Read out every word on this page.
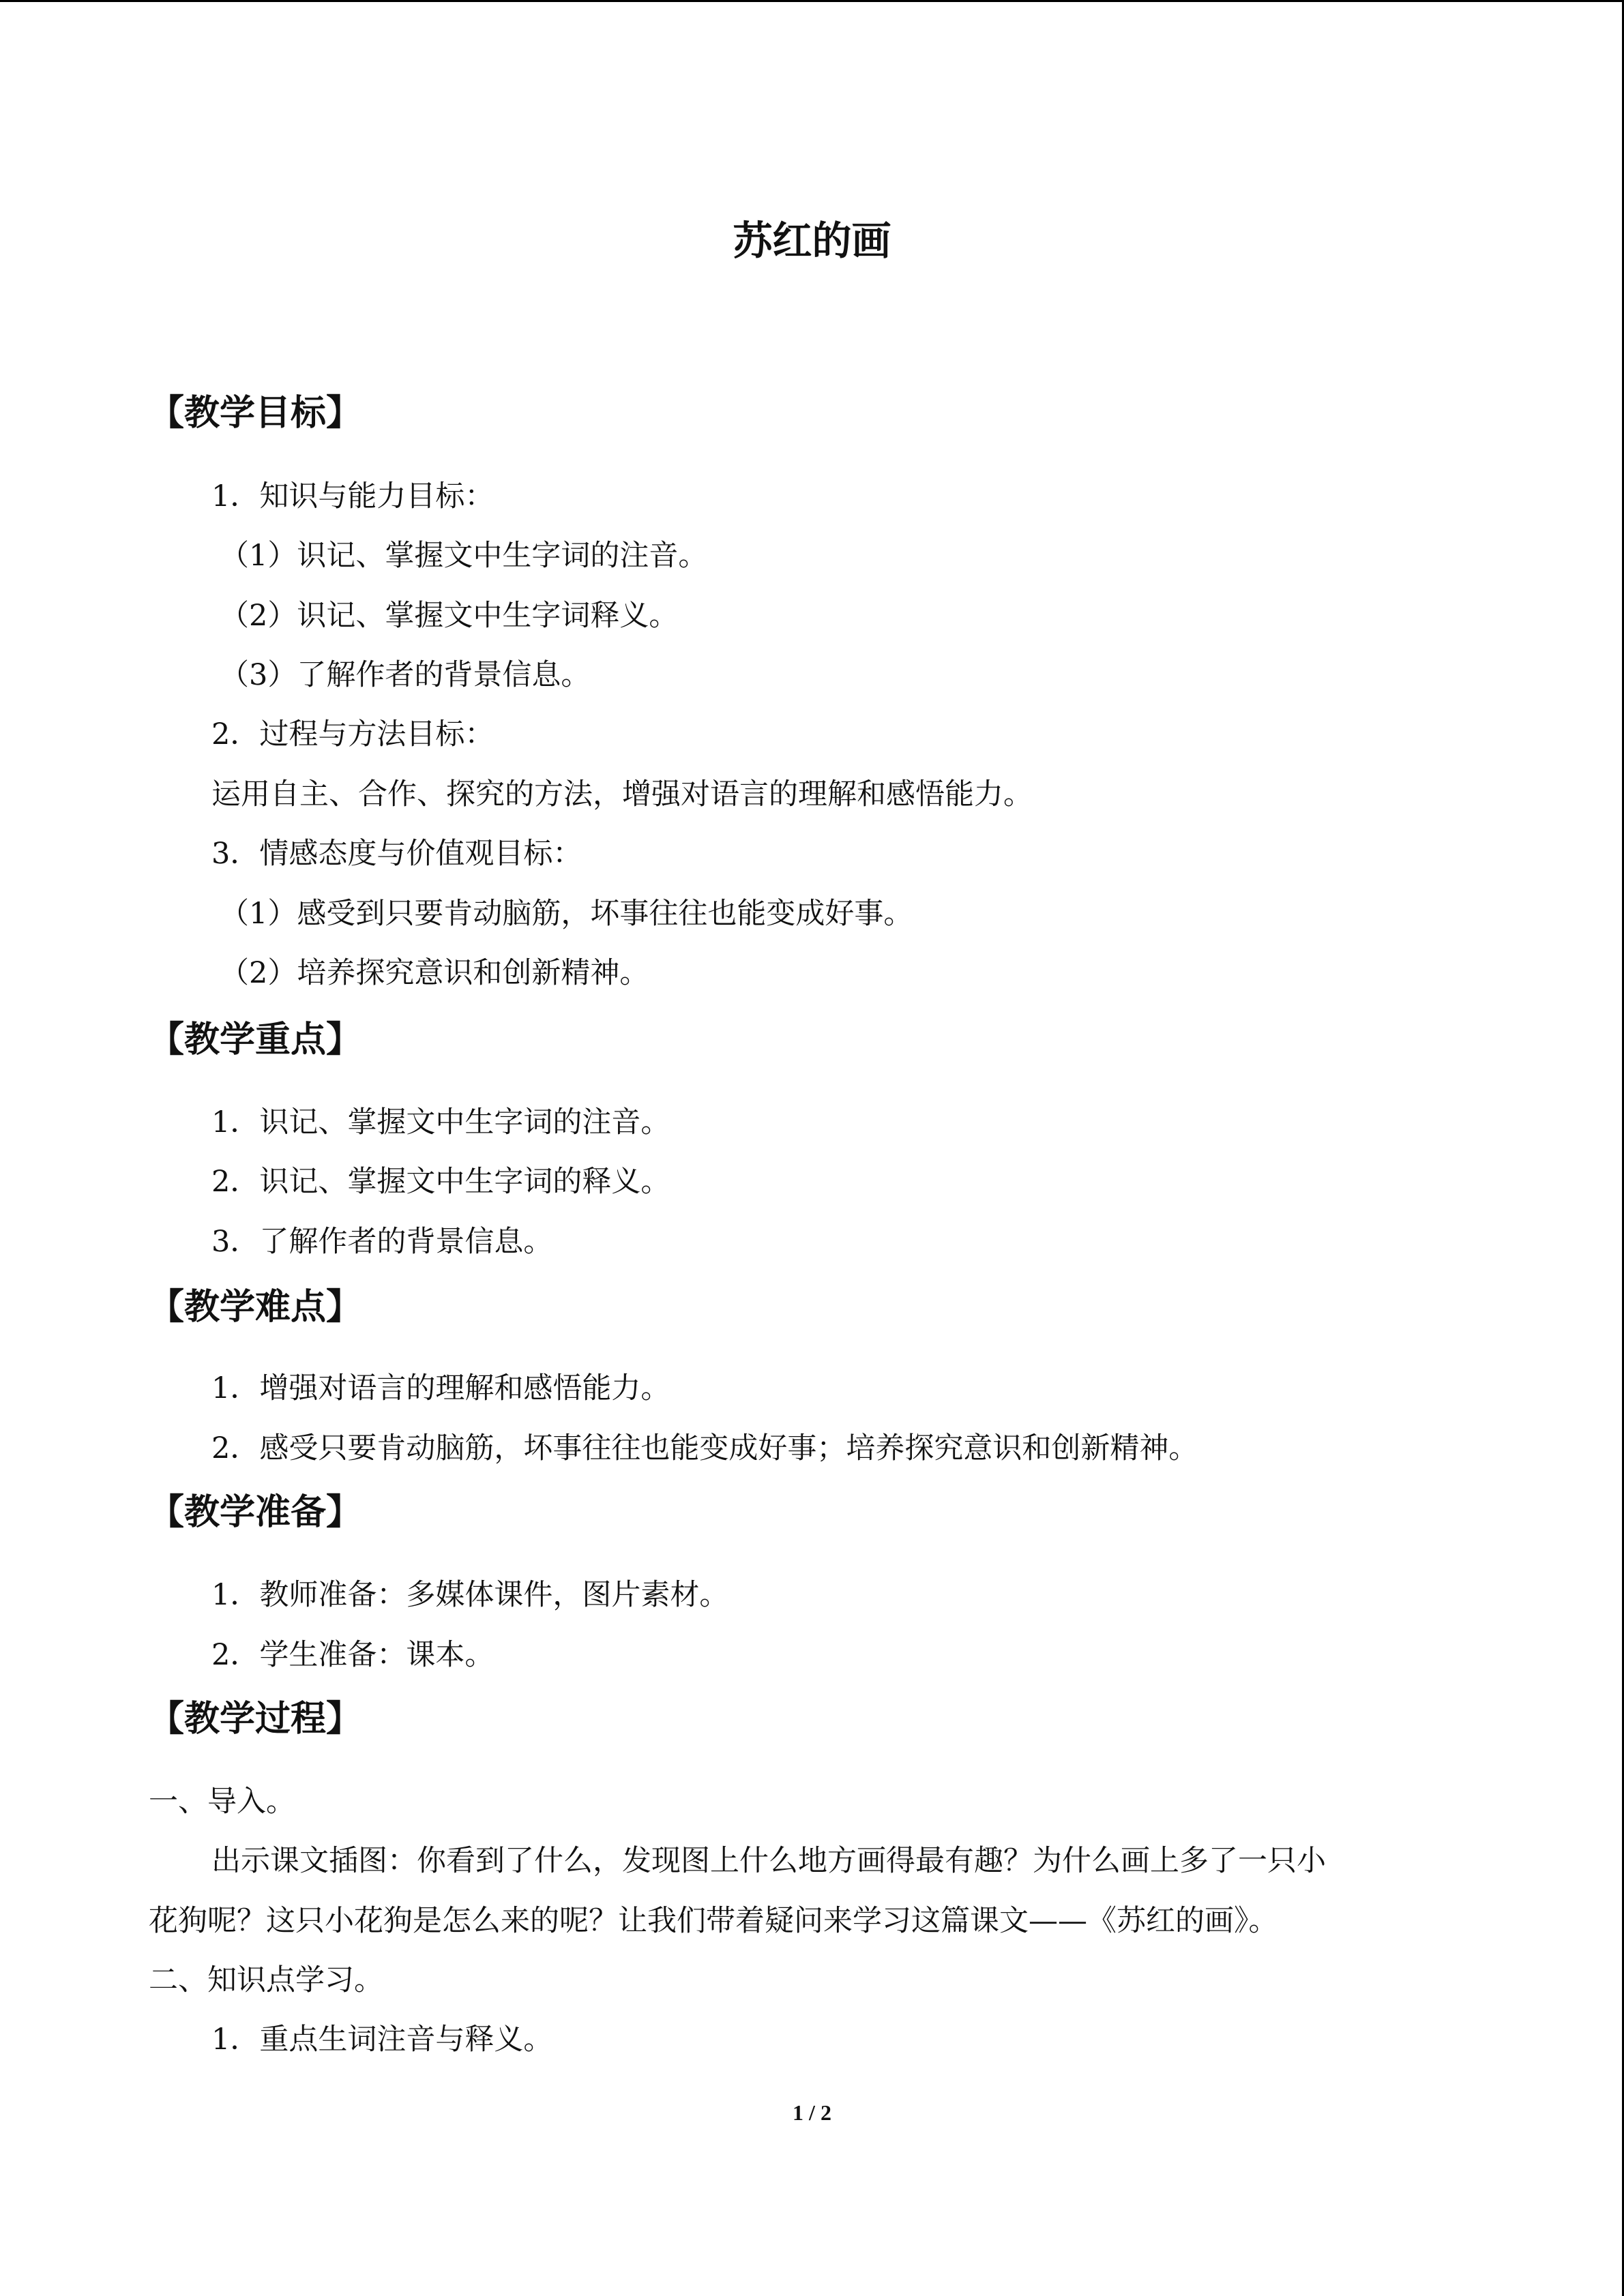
苏红的画
【教学目标】
1．知识与能力目标：
（1）识记、掌握文中生字词的注音。
（2）识记、掌握文中生字词释义。
（3）了解作者的背景信息。
2．过程与方法目标：
运用自主、合作、探究的方法，增强对语言的理解和感悟能力。
3．情感态度与价值观目标：
（1）感受到只要肯动脑筋，坏事往往也能变成好事。
（2）培养探究意识和创新精神。
【教学重点】
1．识记、掌握文中生字词的注音。
2．识记、掌握文中生字词的释义。
3．了解作者的背景信息。
【教学难点】
1．增强对语言的理解和感悟能力。
2．感受只要肯动脑筋，坏事往往也能变成好事；培养探究意识和创新精神。
【教学准备】
1．教师准备：多媒体课件，图片素材。
2．学生准备：课本。
【教学过程】
一、导入。
出示课文插图：你看到了什么，发现图上什么地方画得最有趣？为什么画上多了一只小
花狗呢？这只小花狗是怎么来的呢？让我们带着疑问来学习这篇课文——《苏红的画》。
二、知识点学习。
1．重点生词注音与释义。
1 / 2
